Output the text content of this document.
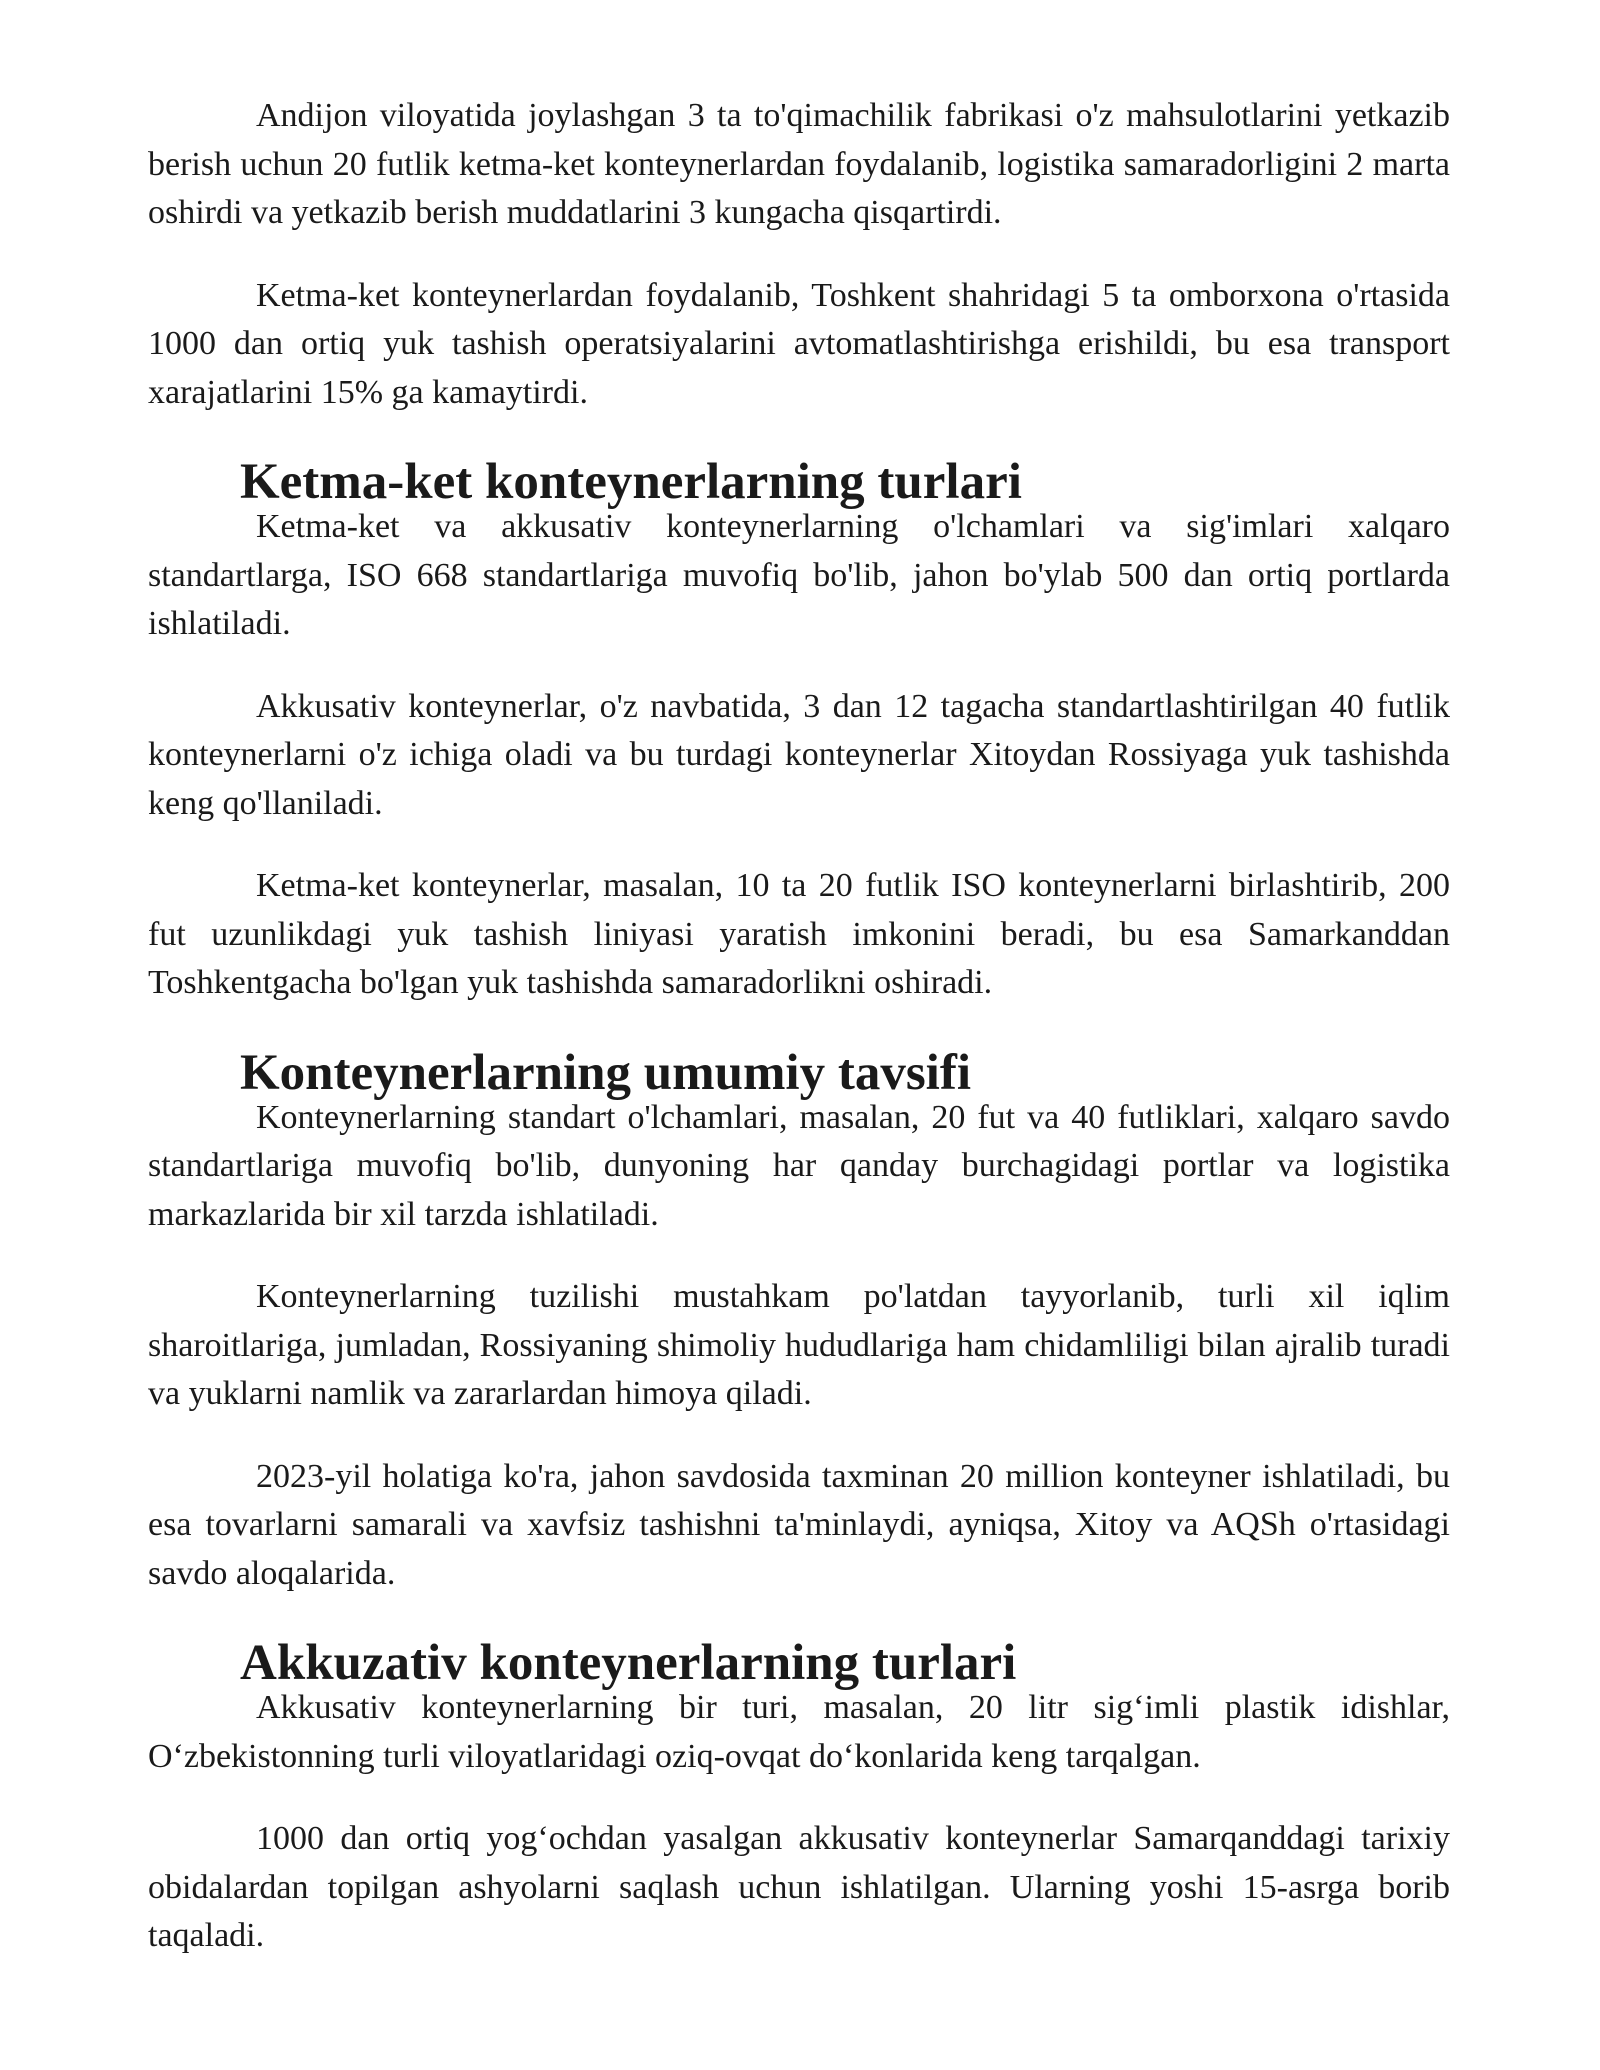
Andijon viloyatida joylashgan 3 ta to'qimachilik fabrikasi o'z mahsulotlarini yetkazib berish uchun 20 futlik ketma-ket konteynerlardan foydalanib, logistika samaradorligini 2 marta oshirdi va yetkazib berish muddatlarini 3 kungacha qisqartirdi.

Ketma-ket konteynerlardan foydalanib, Toshkent shahridagi 5 ta omborxona o'rtasida 1000 dan ortiq yuk tashish operatsiyalarini avtomatlashtirishga erishildi, bu esa transport xarajatlarini 15% ga kamaytirdi.

Ketma-ket konteynerlarning turlari

Ketma-ket va akkusativ konteynerlarning o'lchamlari va sig'imlari xalqaro standartlarga, ISO 668 standartlariga muvofiq bo'lib, jahon bo'ylab 500 dan ortiq portlarda ishlatiladi.

Akkusativ konteynerlar, o'z navbatida, 3 dan 12 tagacha standartlashtirilgan 40 futlik konteynerlarni o'z ichiga oladi va bu turdagi konteynerlar Xitoydan Rossiyaga yuk tashishda keng qo'llaniladi.

Ketma-ket konteynerlar, masalan, 10 ta 20 futlik ISO konteynerlarni birlashtirib, 200 fut uzunlikdagi yuk tashish liniyasi yaratish imkonini beradi, bu esa Samarkanddan Toshkentgacha bo'lgan yuk tashishda samaradorlikni oshiradi.

Konteynerlarning umumiy tavsifi

Konteynerlarning standart o'lchamlari, masalan, 20 fut va 40 futliklari, xalqaro savdo standartlariga muvofiq bo'lib, dunyoning har qanday burchagidagi portlar va logistika markazlarida bir xil tarzda ishlatiladi.

Konteynerlarning tuzilishi mustahkam po'latdan tayyorlanib, turli xil iqlim sharoitlariga, jumladan, Rossiyaning shimoliy hududlariga ham chidamliligi bilan ajralib turadi va yuklarni namlik va zararlardan himoya qiladi.

2023-yil holatiga ko'ra, jahon savdosida taxminan 20 million konteyner ishlatiladi, bu esa tovarlarni samarali va xavfsiz tashishni ta'minlaydi, ayniqsa, Xitoy va AQSh o'rtasidagi savdo aloqalarida.

Akkuzativ konteynerlarning turlari

Akkusativ konteynerlarning bir turi, masalan, 20 litr sig‘imli plastik idishlar, O‘zbekistonning turli viloyatlaridagi oziq-ovqat do‘konlarida keng tarqalgan.

1000 dan ortiq yog‘ochdan yasalgan akkusativ konteynerlar Samarqanddagi tarixiy obidalardan topilgan ashyolarni saqlash uchun ishlatilgan. Ularning yoshi 15-asrga borib taqaladi.
